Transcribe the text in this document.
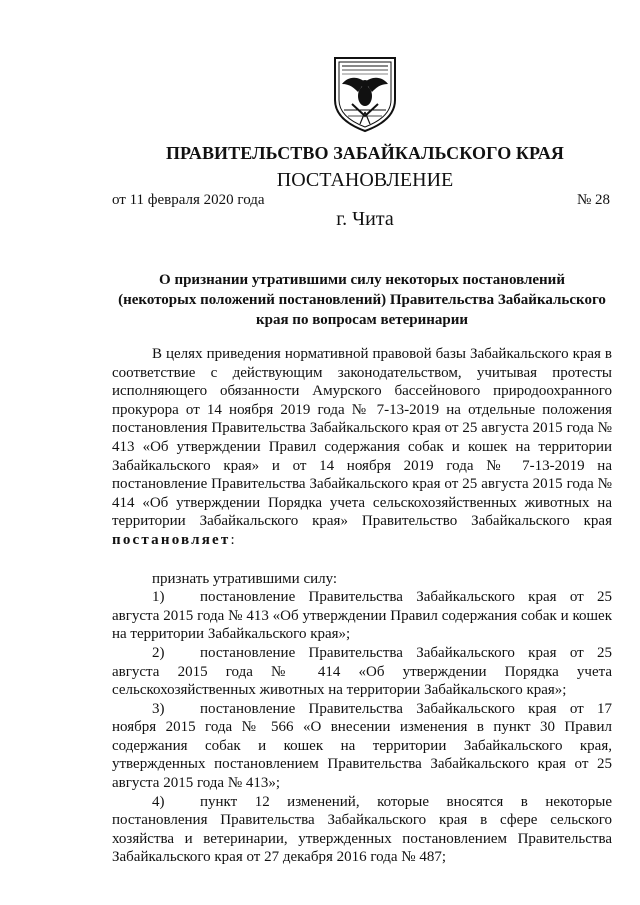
ПРАВИТЕЛЬСТВО ЗАБАЙКАЛЬСКОГО КРАЯ
ПОСТАНОВЛЕНИЕ
от 11 февраля 2020 года	№ 28
г. Чита
О признании утратившими силу некоторых постановлений
(некоторых положений постановлений) Правительства Забайкальского
края по вопросам ветеринарии

В целях приведения нормативной правовой базы Забайкальского края в соответствие с действующим законодательством, учитывая протесты исполняющего обязанности Амурского бассейнового природоохранного прокурора от 14 ноября 2019 года № 7-13-2019 на отдельные положения постановления Правительства Забайкальского края от 25 августа 2015 года № 413 «Об утверждении Правил содержания собак и кошек на территории Забайкальского края» и от 14 ноября 2019 года № 7-13-2019 на постановление Правительства Забайкальского края от 25 августа 2015 года № 414 «Об утверждении Порядка учета сельскохозяйственных животных на территории Забайкальского края» Правительство Забайкальского края постановляет:

признать утратившими силу:

1) постановление Правительства Забайкальского края от 25 августа 2015 года № 413 «Об утверждении Правил содержания собак и кошек на территории Забайкальского края»;

2) постановление Правительства Забайкальского края от 25 августа 2015 года № 414 «Об утверждении Порядка учета сельскохозяйственных животных на территории Забайкальского края»;

3) постановление Правительства Забайкальского края от 17 ноября 2015 года № 566 «О внесении изменения в пункт 30 Правил содержания собак и кошек на территории Забайкальского края, утвержденных постановлением Правительства Забайкальского края от 25 августа 2015 года № 413»;

4) пункт 12 изменений, которые вносятся в некоторые постановления Правительства Забайкальского края в сфере сельского хозяйства и ветеринарии, утвержденных постановлением Правительства Забайкальского края от 27 декабря 2016 года № 487;
